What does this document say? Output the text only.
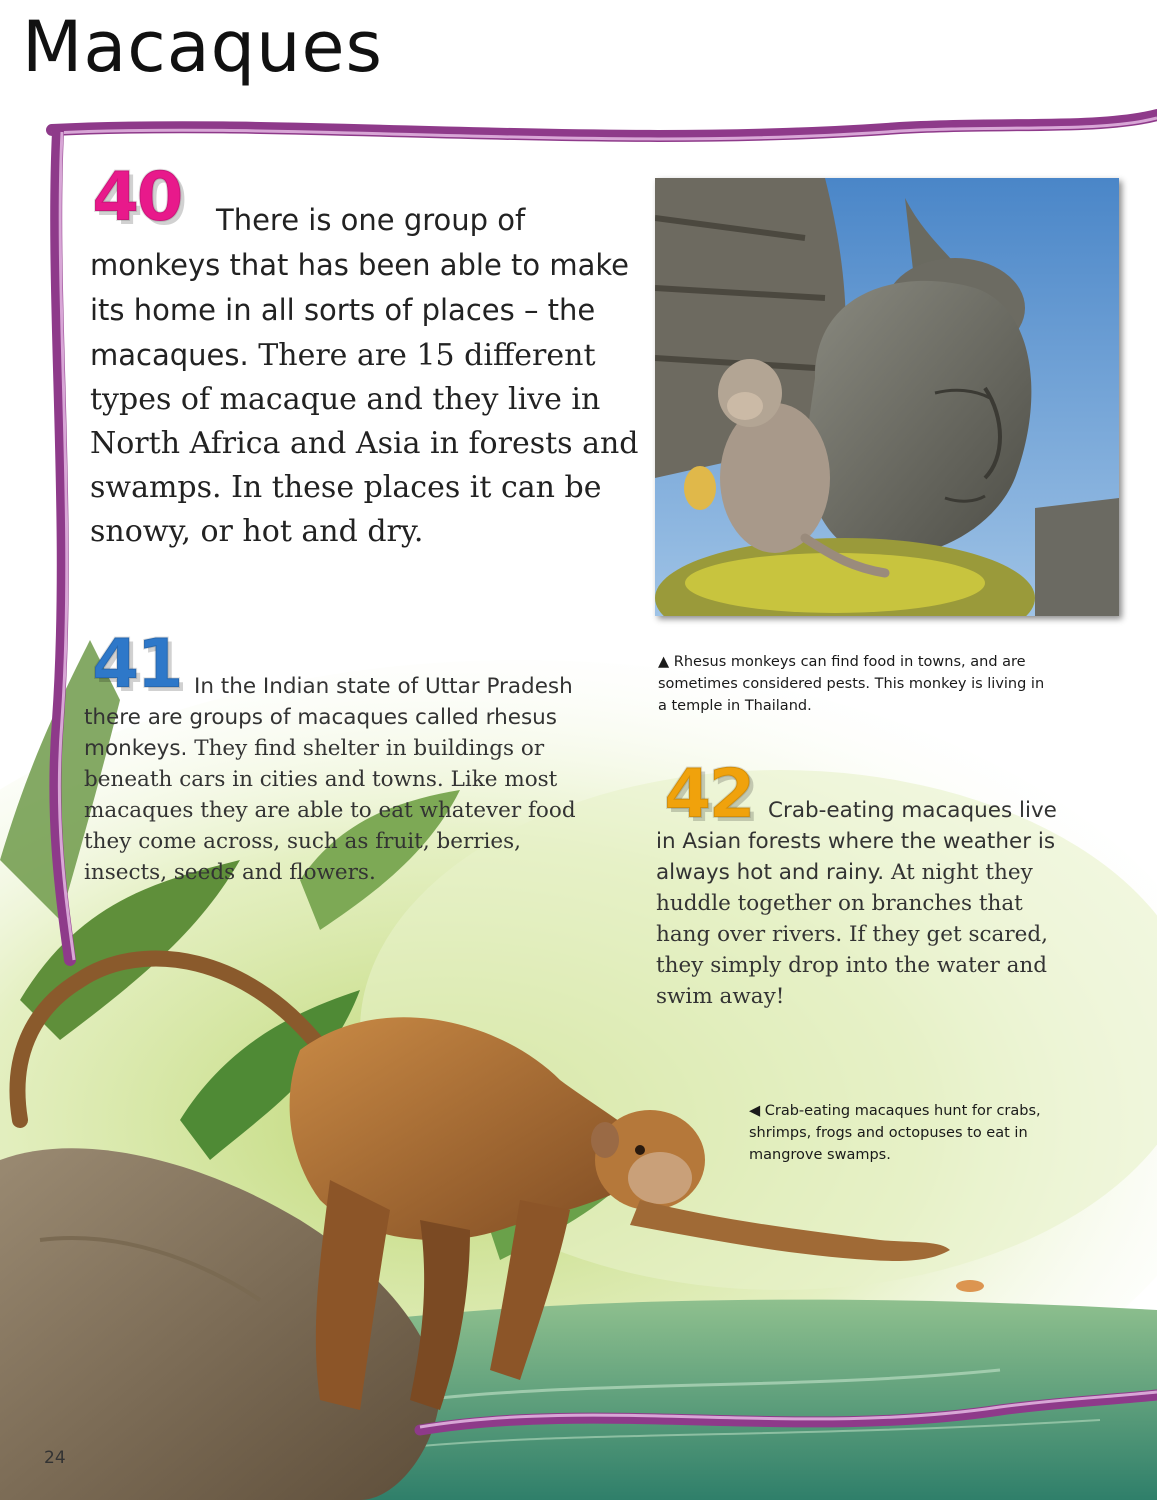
Macaques
▲ Rhesus monkeys can find food in towns, and are sometimes considered pests. This monkey is living in a temple in Thailand.
40	There is one group of monkeys that has been able to make its home in all sorts of places – the macaques. There are 15 different types of macaque and they live in North Africa and Asia in forests and swamps. In these places it can be snowy, or hot and dry.
41 In the Indian state of Uttar Pradesh there are groups of macaques called rhesus monkeys. They find shelter in buildings or beneath cars in cities and towns. Like most macaques they are able to eat whatever food they come across, such as fruit, berries, insects, seeds and flowers.
42 Crab-eating macaques live in Asian forests where the weather is always hot and rainy. At night they huddle together on branches that hang over rivers. If they get scared, they simply drop into the water and swim away!
◀ Crab-eating macaques hunt for crabs, shrimps, frogs and octopuses to eat in mangrove swamps.
24
